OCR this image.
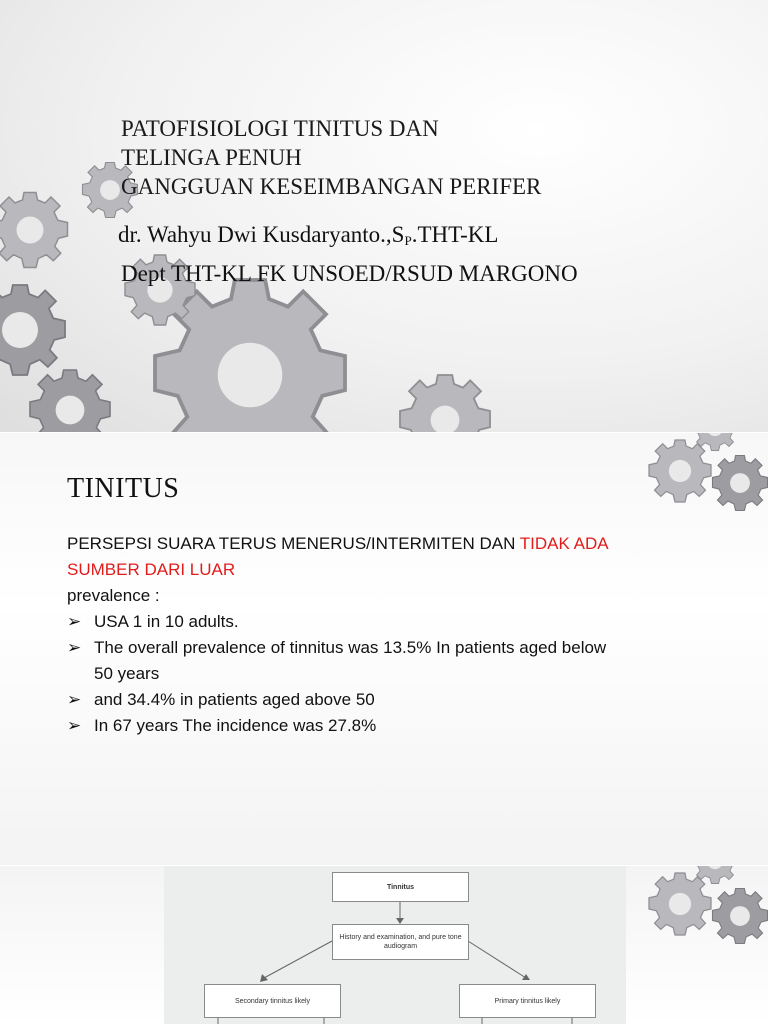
PATOFISIOLOGI TINITUS DAN
TELINGA PENUH
GANGGUAN KESEIMBANGAN PERIFER
dr. Wahyu Dwi $Kusdaryanto.,S_P.THT-KL$
Dept THT-KL FK UNSOED/RSUD MARGONO
TINITUS
PERSEPSI SUARA TERUS MENERUS/INTERMITEN DAN TIDAK ADA SUMBER DARI LUAR
prevalence :
➢ USA 1 in 10 adults.
➢ The overall prevalence of tinnitus was 13.5% In patients aged below 50 years
➢ and 34.4% in patients aged above 50
➢ In 67 years The incidence was 27.8%
Tinnitus
History and examination, and pure tone audiogram
Secondary tinnitus likely	Primary tinnitus likely
